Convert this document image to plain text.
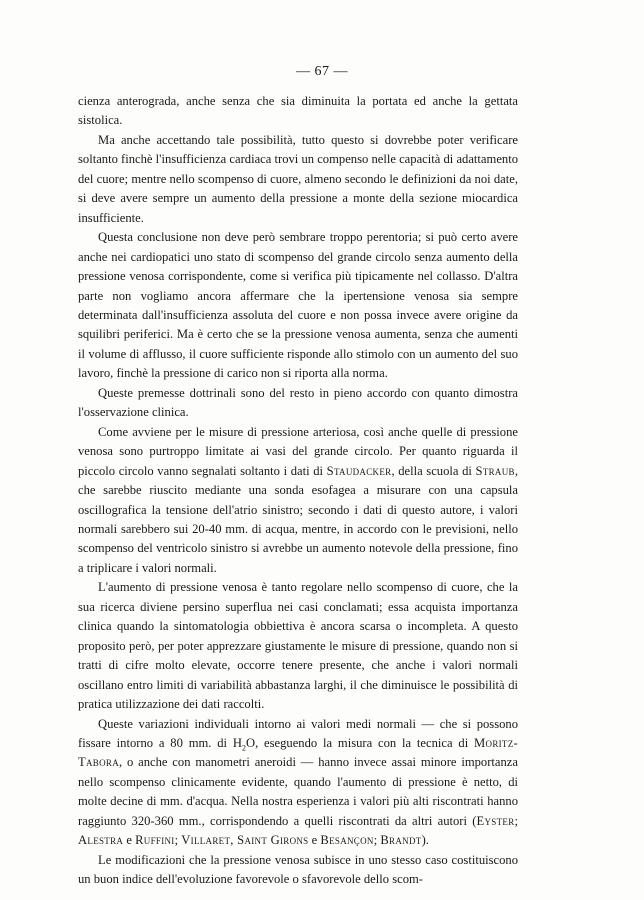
— 67 —

cienza anterograda, anche senza che sia diminuita la portata ed anche la gettata sistolica.

Ma anche accettando tale possibilità, tutto questo si dovrebbe poter verificare soltanto finchè l'insufficienza cardiaca trovi un compenso nelle capacità di adattamento del cuore; mentre nello scompenso di cuore, almeno secondo le definizioni da noi date, si deve avere sempre un aumento della pressione a monte della sezione miocardica insufficiente.

Questa conclusione non deve però sembrare troppo perentoria; si può certo avere anche nei cardiopatici uno stato di scompenso del grande circolo senza aumento della pressione venosa corrispondente, come si verifica più tipicamente nel collasso. D'altra parte non vogliamo ancora affermare che la ipertensione venosa sia sempre determinata dall'insufficienza assoluta del cuore e non possa invece avere origine da squilibri periferici. Ma è certo che se la pressione venosa aumenta, senza che aumenti il volume di afflusso, il cuore sufficiente risponde allo stimolo con un aumento del suo lavoro, finchè la pressione di carico non si riporta alla norma.

Queste premesse dottrinali sono del resto in pieno accordo con quanto dimostra l'osservazione clinica.

Come avviene per le misure di pressione arteriosa, così anche quelle di pressione venosa sono purtroppo limitate ai vasi del grande circolo. Per quanto riguarda il piccolo circolo vanno segnalati soltanto i dati di Staudacker, della scuola di Straub, che sarebbe riuscito mediante una sonda esofagea a misurare con una capsula oscillografica la tensione dell'atrio sinistro; secondo i dati di questo autore, i valori normali sarebbero sui 20-40 mm. di acqua, mentre, in accordo con le previsioni, nello scompenso del ventricolo sinistro si avrebbe un aumento notevole della pressione, fino a triplicare i valori normali.

L'aumento di pressione venosa è tanto regolare nello scompenso di cuore, che la sua ricerca diviene persino superflua nei casi conclamati; essa acquista importanza clinica quando la sintomatologia obbiettiva è ancora scarsa o incompleta. A questo proposito però, per poter apprezzare giustamente le misure di pressione, quando non si tratti di cifre molto elevate, occorre tenere presente, che anche i valori normali oscillano entro limiti di variabilità abbastanza larghi, il che diminuisce le possibilità di pratica utilizzazione dei dati raccolti.

Queste variazioni individuali intorno ai valori medi normali — che si possono fissare intorno a 80 mm. di $H_2O$, eseguendo la misura con la tecnica di Moritz-Tabora, o anche con manometri aneroidi — hanno invece assai minore importanza nello scompenso clinicamente evidente, quando l'aumento di pressione è netto, di molte decine di mm. d'acqua. Nella nostra esperienza i valori più alti riscontrati hanno raggiunto 320-360 mm., corrispondendo a quelli riscontrati da altri autori (Eyster; Alestra e Ruffini; Villaret, Saint Girons e Besançon; Brandt).

Le modificazioni che la pressione venosa subisce in uno stesso caso costituiscono un buon indice dell'evoluzione favorevole o sfavorevole dello scom-
